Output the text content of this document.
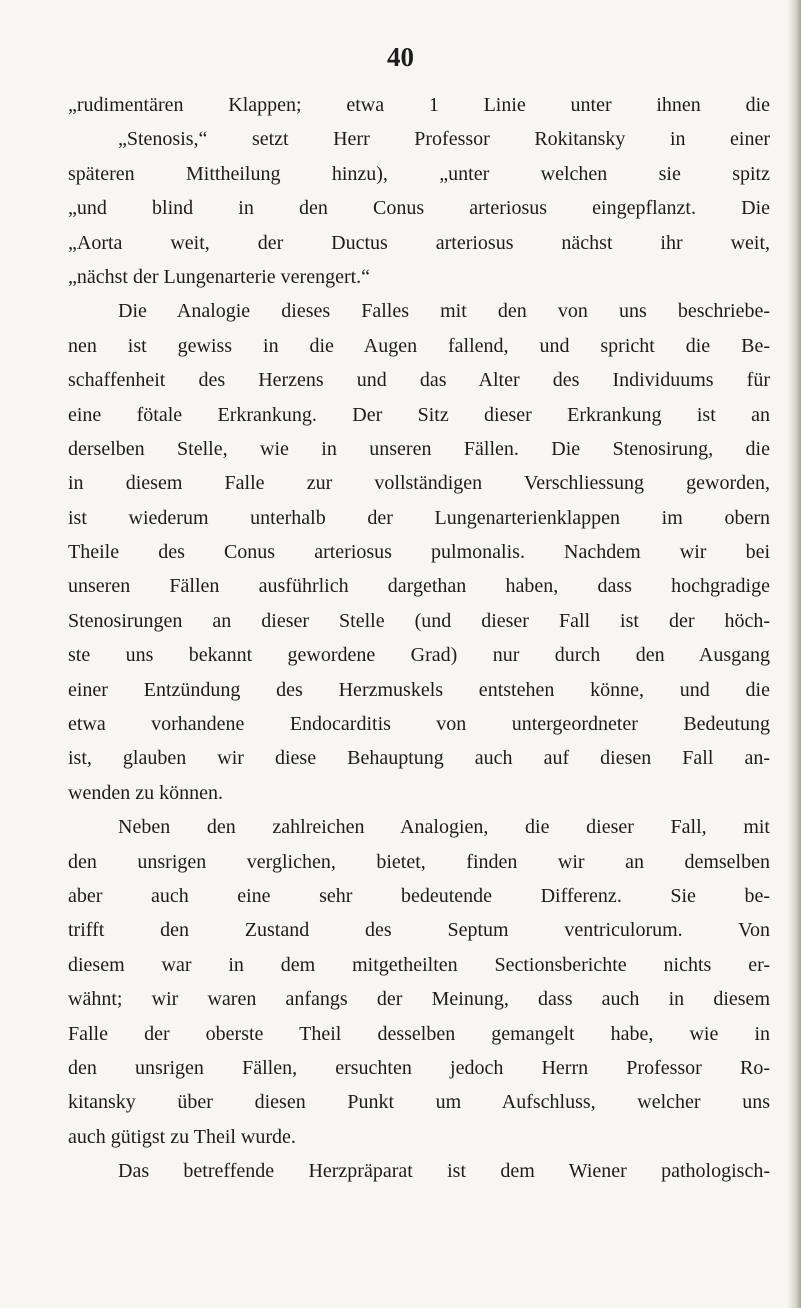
40
„rudimentären Klappen; etwa 1 Linie unter ihnen die
„Stenosis,“ setzt Herr Professor Rokitansky in einer
späteren Mittheilung hinzu), „unter welchen sie spitz
„und blind in den Conus arteriosus eingepflanzt. Die
„Aorta weit, der Ductus arteriosus nächst ihr weit,
„nächst der Lungenarterie verengert.“
Die Analogie dieses Falles mit den von uns beschriebe-
nen ist gewiss in die Augen fallend, und spricht die Be-
schaffenheit des Herzens und das Alter des Individuums für
eine fötale Erkrankung. Der Sitz dieser Erkrankung ist an
derselben Stelle, wie in unseren Fällen. Die Stenosirung, die
in diesem Falle zur vollständigen Verschliessung geworden,
ist wiederum unterhalb der Lungenarterienklappen im obern
Theile des Conus arteriosus pulmonalis. Nachdem wir bei
unseren Fällen ausführlich dargethan haben, dass hochgradige
Stenosirungen an dieser Stelle (und dieser Fall ist der höch-
ste uns bekannt gewordene Grad) nur durch den Ausgang
einer Entzündung des Herzmuskels entstehen könne, und die
etwa vorhandene Endocarditis von untergeordneter Bedeutung
ist, glauben wir diese Behauptung auch auf diesen Fall an-
wenden zu können.
Neben den zahlreichen Analogien, die dieser Fall, mit
den unsrigen verglichen, bietet, finden wir an demselben
aber auch eine sehr bedeutende Differenz. Sie be-
trifft den Zustand des Septum ventriculorum. Von
diesem war in dem mitgetheilten Sectionsberichte nichts er-
wähnt; wir waren anfangs der Meinung, dass auch in diesem
Falle der oberste Theil desselben gemangelt habe, wie in
den unsrigen Fällen, ersuchten jedoch Herrn Professor Ro-
kitansky über diesen Punkt um Aufschluss, welcher uns
auch gütigst zu Theil wurde.
Das betreffende Herzpräparat ist dem Wiener pathologisch-
